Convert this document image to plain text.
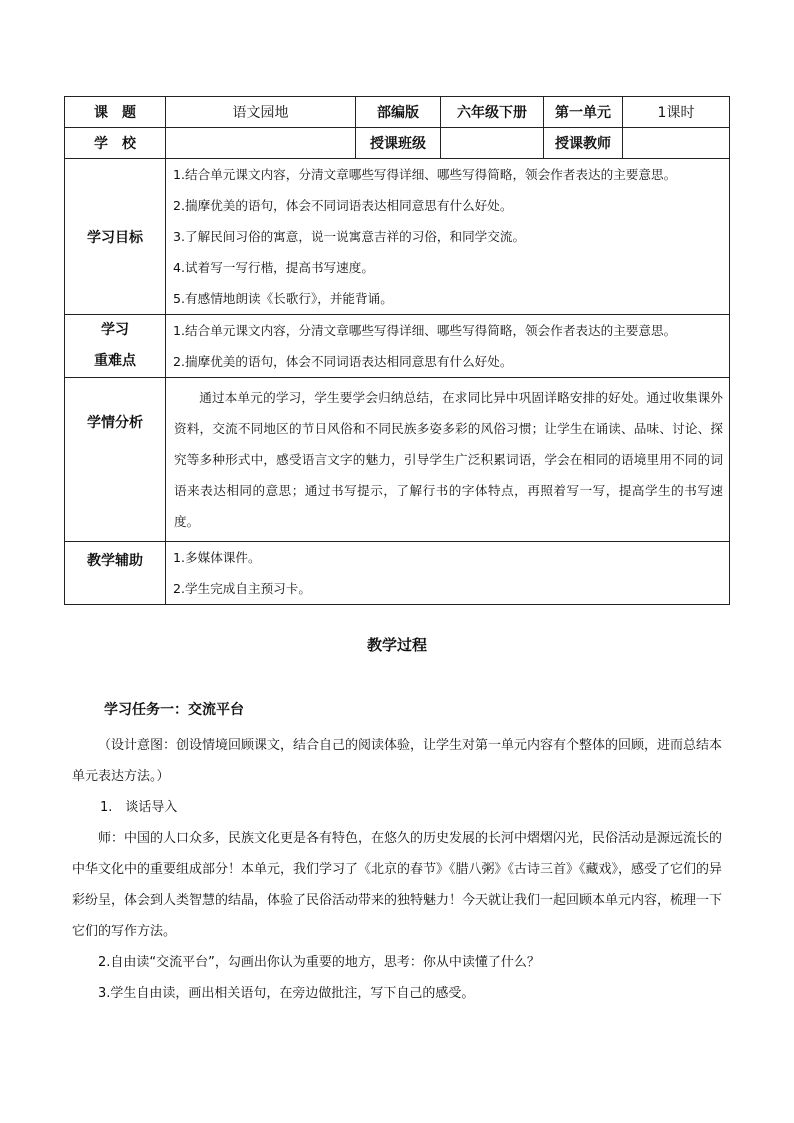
课　题	语文园地	部编版	六年级下册	第一单元	1课时
学　校		授课班级		授课教师	
学习目标	1.结合单元课文内容，分清文章哪些写得详细、哪些写得简略，领会作者表达的主要意思。
2.揣摩优美的语句，体会不同词语表达相同意思有什么好处。
3.了解民间习俗的寓意，说一说寓意吉祥的习俗，和同学交流。
4.试着写一写行楷，提高书写速度。
5.有感情地朗读《长歌行》，并能背诵。				

学习
重难点	1.结合单元课文内容，分清文章哪些写得详细、哪些写得简略，领会作者表达的主要意思。
2.揣摩优美的语句，体会不同词语表达相同意思有什么好处。				

学情分析	通过本单元的学习，学生要学会归纳总结，在求同比异中巩固详略安排的好处。通过收集课外资料，交流不同地区的节日风俗和不同民族多姿多彩的风俗习惯；让学生在诵读、品味、讨论、探究等多种形式中，感受语言文字的魅力，引导学生广泛积累词语，学会在相同的语境里用不同的词语来表达相同的意思；通过书写提示，了解行书的字体特点，再照着写一写，提高学生的书写速度。				

教学辅助	1.多媒体课件。
2.学生完成自主预习卡。				
教学过程
学习任务一：交流平台

（设计意图：创设情境回顾课文，结合自己的阅读体验，让学生对第一单元内容有个整体的回顾，进而总结本单元表达方法。）

1.　谈话导入

师：中国的人口众多，民族文化更是各有特色，在悠久的历史发展的长河中熠熠闪光，民俗活动是源远流长的中华文化中的重要组成部分！本单元，我们学习了《北京的春节》《腊八粥》《古诗三首》《藏戏》，感受了它们的异彩纷呈，体会到人类智慧的结晶，体验了民俗活动带来的独特魅力！今天就让我们一起回顾本单元内容，梳理一下它们的写作方法。

2.自由读“交流平台”，勾画出你认为重要的地方，思考：你从中读懂了什么？

3.学生自由读，画出相关语句，在旁边做批注，写下自己的感受。
